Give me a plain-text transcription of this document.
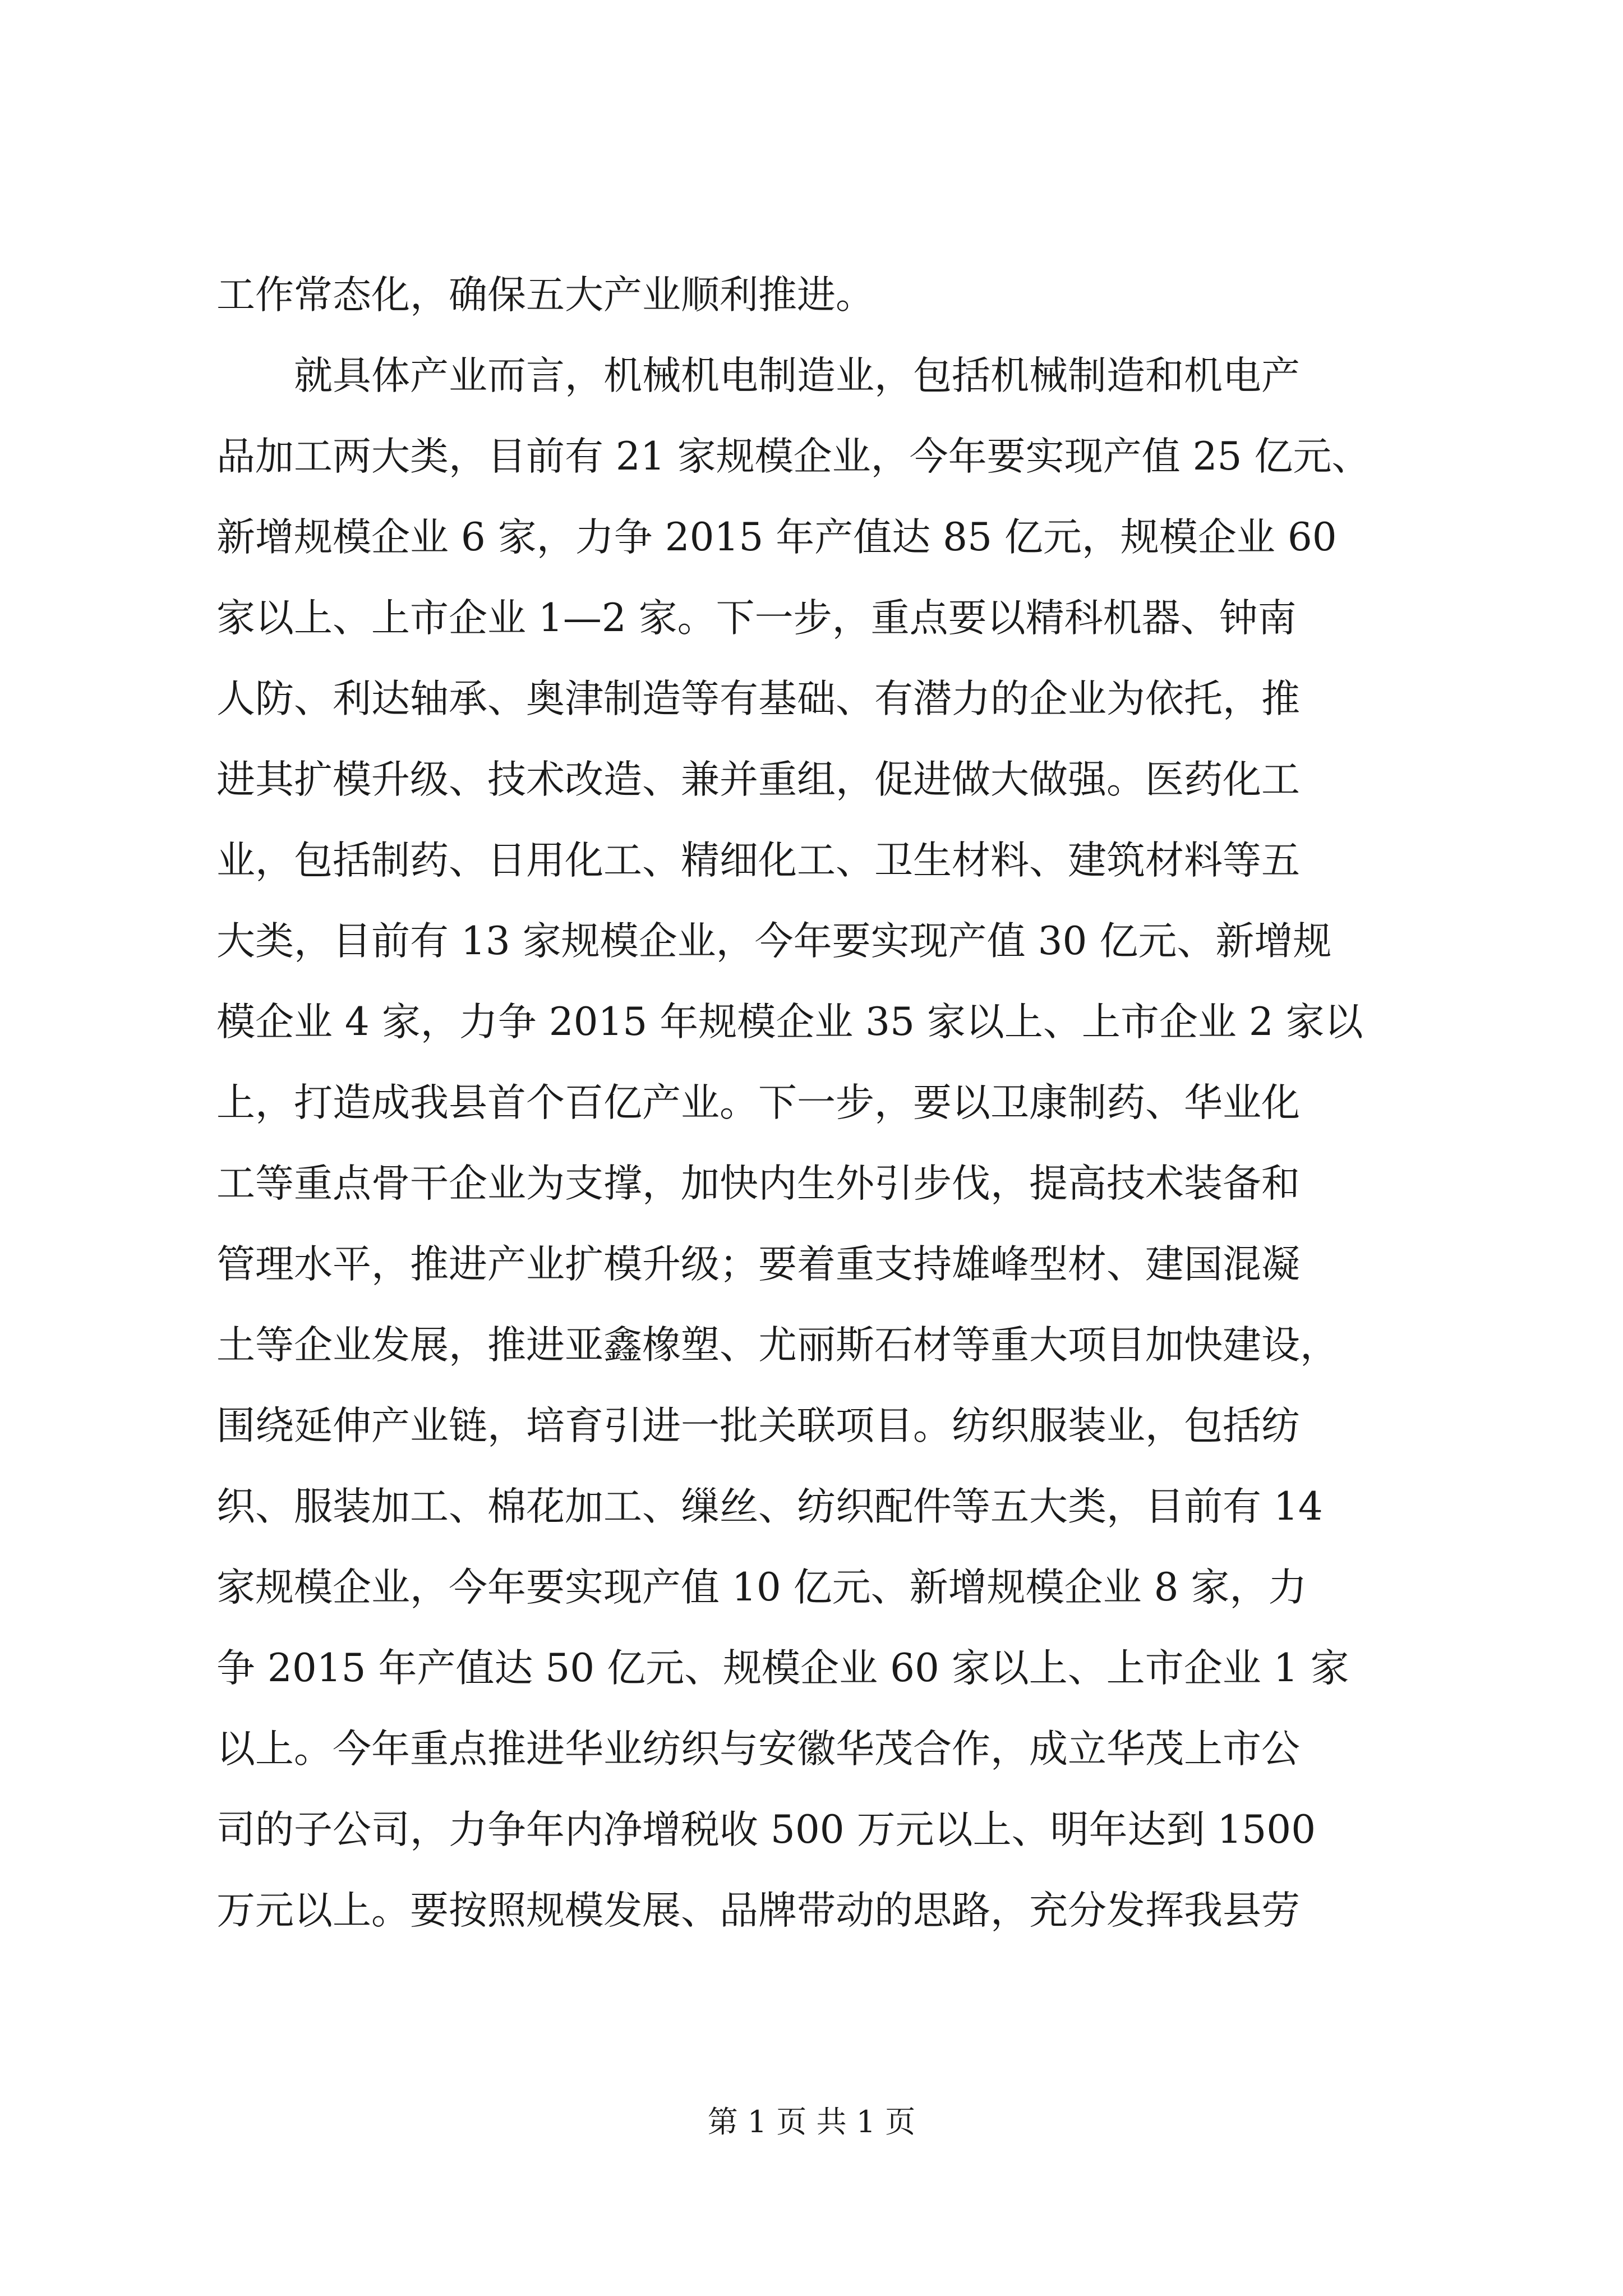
工作常态化，确保五大产业顺利推进。
就具体产业而言，机械机电制造业，包括机械制造和机电产
品加工两大类，目前有 21 家规模企业，今年要实现产值 25 亿元、
新增规模企业 6 家，力争 2015 年产值达 85 亿元，规模企业 60
家以上、上市企业 1—2 家。下一步，重点要以精科机器、钟南
人防、利达轴承、奥津制造等有基础、有潜力的企业为依托，推
进其扩模升级、技术改造、兼并重组，促进做大做强。医药化工
业，包括制药、日用化工、精细化工、卫生材料、建筑材料等五
大类，目前有 13 家规模企业，今年要实现产值 30 亿元、新增规
模企业 4 家，力争 2015 年规模企业 35 家以上、上市企业 2 家以
上，打造成我县首个百亿产业。下一步，要以卫康制药、华业化
工等重点骨干企业为支撑，加快内生外引步伐，提高技术装备和
管理水平，推进产业扩模升级；要着重支持雄峰型材、建国混凝
土等企业发展，推进亚鑫橡塑、尤丽斯石材等重大项目加快建设，
围绕延伸产业链，培育引进一批关联项目。纺织服装业，包括纺
织、服装加工、棉花加工、缫丝、纺织配件等五大类，目前有 14
家规模企业，今年要实现产值 10 亿元、新增规模企业 8 家，力
争 2015 年产值达 50 亿元、规模企业 60 家以上、上市企业 1 家
以上。今年重点推进华业纺织与安徽华茂合作，成立华茂上市公
司的子公司，力争年内净增税收 500 万元以上、明年达到 1500
万元以上。要按照规模发展、品牌带动的思路，充分发挥我县劳
第 1 页 共 1 页
